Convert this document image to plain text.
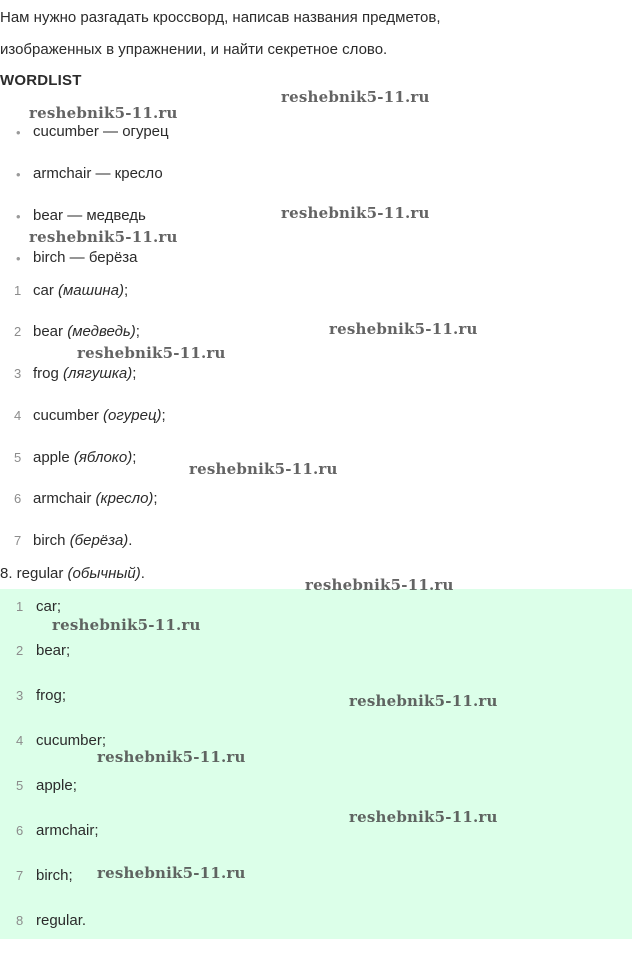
Нам нужно разгадать кроссворд, написав названия предметов,
изображенных в упражнении, и найти секретное слово.
WORDLIST
• cucumber — огурец
• armchair — кресло
• bear — медведь
• birch — берёза
1 car (машина);
2 bear (медведь);
3 frog (лягушка);
4 cucumber (огурец);
5 apple (яблоко);
6 armchair (кресло);
7 birch (берёза).
8. regular (обычный).
1 car;
2 bear;
3 frog;
4 cucumber;
5 apple;
6 armchair;
7 birch;
8 regular.
reshebnik5-11.ru
reshebnik5-11.ru
reshebnik5-11.ru
reshebnik5-11.ru
reshebnik5-11.ru
reshebnik5-11.ru
reshebnik5-11.ru
reshebnik5-11.ru
reshebnik5-11.ru
reshebnik5-11.ru
reshebnik5-11.ru
reshebnik5-11.ru
reshebnik5-11.ru
